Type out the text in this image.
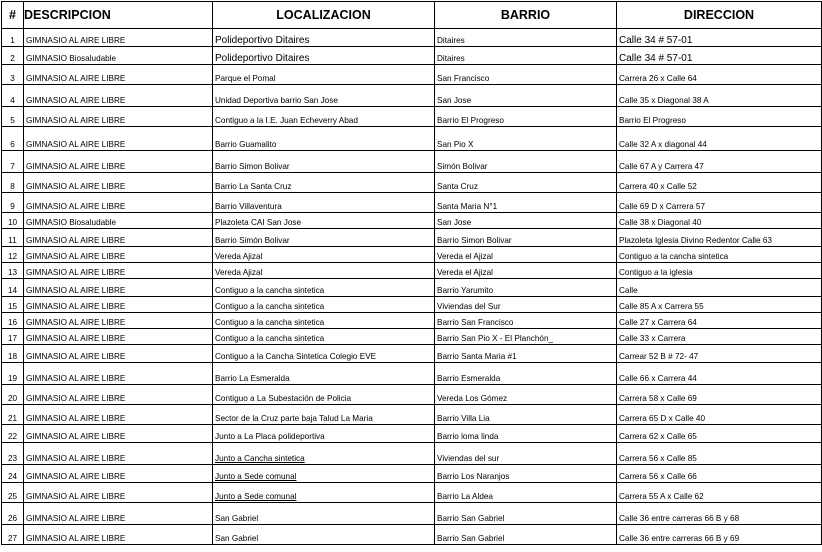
#	DESCRIPCION	LOCALIZACION	BARRIO	DIRECCION
1	GIMNASIO AL AIRE LIBRE	Polideportivo Ditaires	Ditaires	Calle 34 # 57-01
2	GIMNASIO Biosaludable	Polideportivo Ditaires	Ditaires	Calle 34 # 57-01
3	GIMNASIO AL AIRE LIBRE	Parque el Pomal	San Francisco	Carrera 26 x Calle 64
4	GIMNASIO AL AIRE LIBRE	Unidad Deportiva barrio San Jose	San Jose	Calle 35 x Diagonal 38 A
5	GIMNASIO AL AIRE LIBRE	Contiguo a la I.E. Juan Echeverry Abad	Barrio El Progreso	Barrio El Progreso
6	GIMNASIO AL AIRE LIBRE	Barrio Guamalito	San Pio X	Calle 32 A x diagonal 44
7	GIMNASIO AL AIRE LIBRE	Barrio Simon Bolivar	Simón Bolivar	Calle 67 A y Carrera 47
8	GIMNASIO AL AIRE LIBRE	Barrio La Santa Cruz	Santa Cruz	Carrera 40 x Calle 52
9	GIMNASIO AL AIRE LIBRE	Barrio Villaventura	Santa Maria N°1	Calle 69 D x Carrera 57
10	GIMNASIO Biosaludable	Plazoleta CAI San Jose	San Jose	Calle 38 x Diagonal 40
11	GIMNASIO AL AIRE LIBRE	Barrio Simón Bolivar	Barrio Simon Bolivar	Plazoleta Iglesia Divino Redentor Calle 63
12	GIMNASIO AL AIRE LIBRE	Vereda Ajizal	Vereda el Ajizal	Contiguo a la cancha sintetica
13	GIMNASIO AL AIRE LIBRE	Vereda Ajizal	Vereda el Ajizal	Contiguo a la iglesia
14	GIMNASIO AL AIRE LIBRE	Contiguo a la cancha sintetica	Barrio Yarumito	Calle
15	GIMNASIO AL AIRE LIBRE	Contiguo a la cancha sintetica	Viviendas del Sur	Calle 85 A x Carrera 55
16	GIMNASIO AL AIRE LIBRE	Contiguo a la cancha sintetica	Barrio San Francisco	Calle 27 x Carrera 64
17	GIMNASIO AL AIRE LIBRE	Contiguo a la cancha sintetica	Barrio San Pio X - El Planchón_	Calle 33 x Carrera
18	GIMNASIO AL AIRE LIBRE	Contiguo a la Cancha Sintetica Colegio EVE	Barrio Santa Maria #1	Carrear 52 B # 72- 47
19	GIMNASIO AL AIRE LIBRE	Barrio La Esmeralda	Barrio Esmeralda	Calle 66 x Carrera 44
20	GIMNASIO AL AIRE LIBRE	Contiguo a La Subestación de Policia	Vereda Los Gómez	Carrera 58 x Calle 69
21	GIMNASIO AL AIRE LIBRE	Sector de la Cruz parte baja Talud La Maria	Barrio Villa Lia	Carrera 65 D x Calle 40
22	GIMNASIO AL AIRE LIBRE	Junto a La Placa polideportiva	Barrio loma linda	Carrera 62 x Calle 65
23	GIMNASIO AL AIRE LIBRE	Junto a Cancha sintetica	Viviendas del sur	Carrera 56 x Calle 85
24	GIMNASIO AL AIRE LIBRE	Junto a Sede comunal	Barrio Los Naranjos	Carrera 56 x Calle 66
25	GIMNASIO AL AIRE LIBRE	Junto a Sede comunal	Barrio La Aldea	Carrera 55 A x Calle 62
26	GIMNASIO AL AIRE LIBRE	San Gabriel	Barrio San Gabriel	Calle 36 entre carreras 66 B y 68
27	GIMNASIO AL AIRE LIBRE	San Gabriel	Barrio San Gabriel	Calle 36 entre carreras 66 B y 69
